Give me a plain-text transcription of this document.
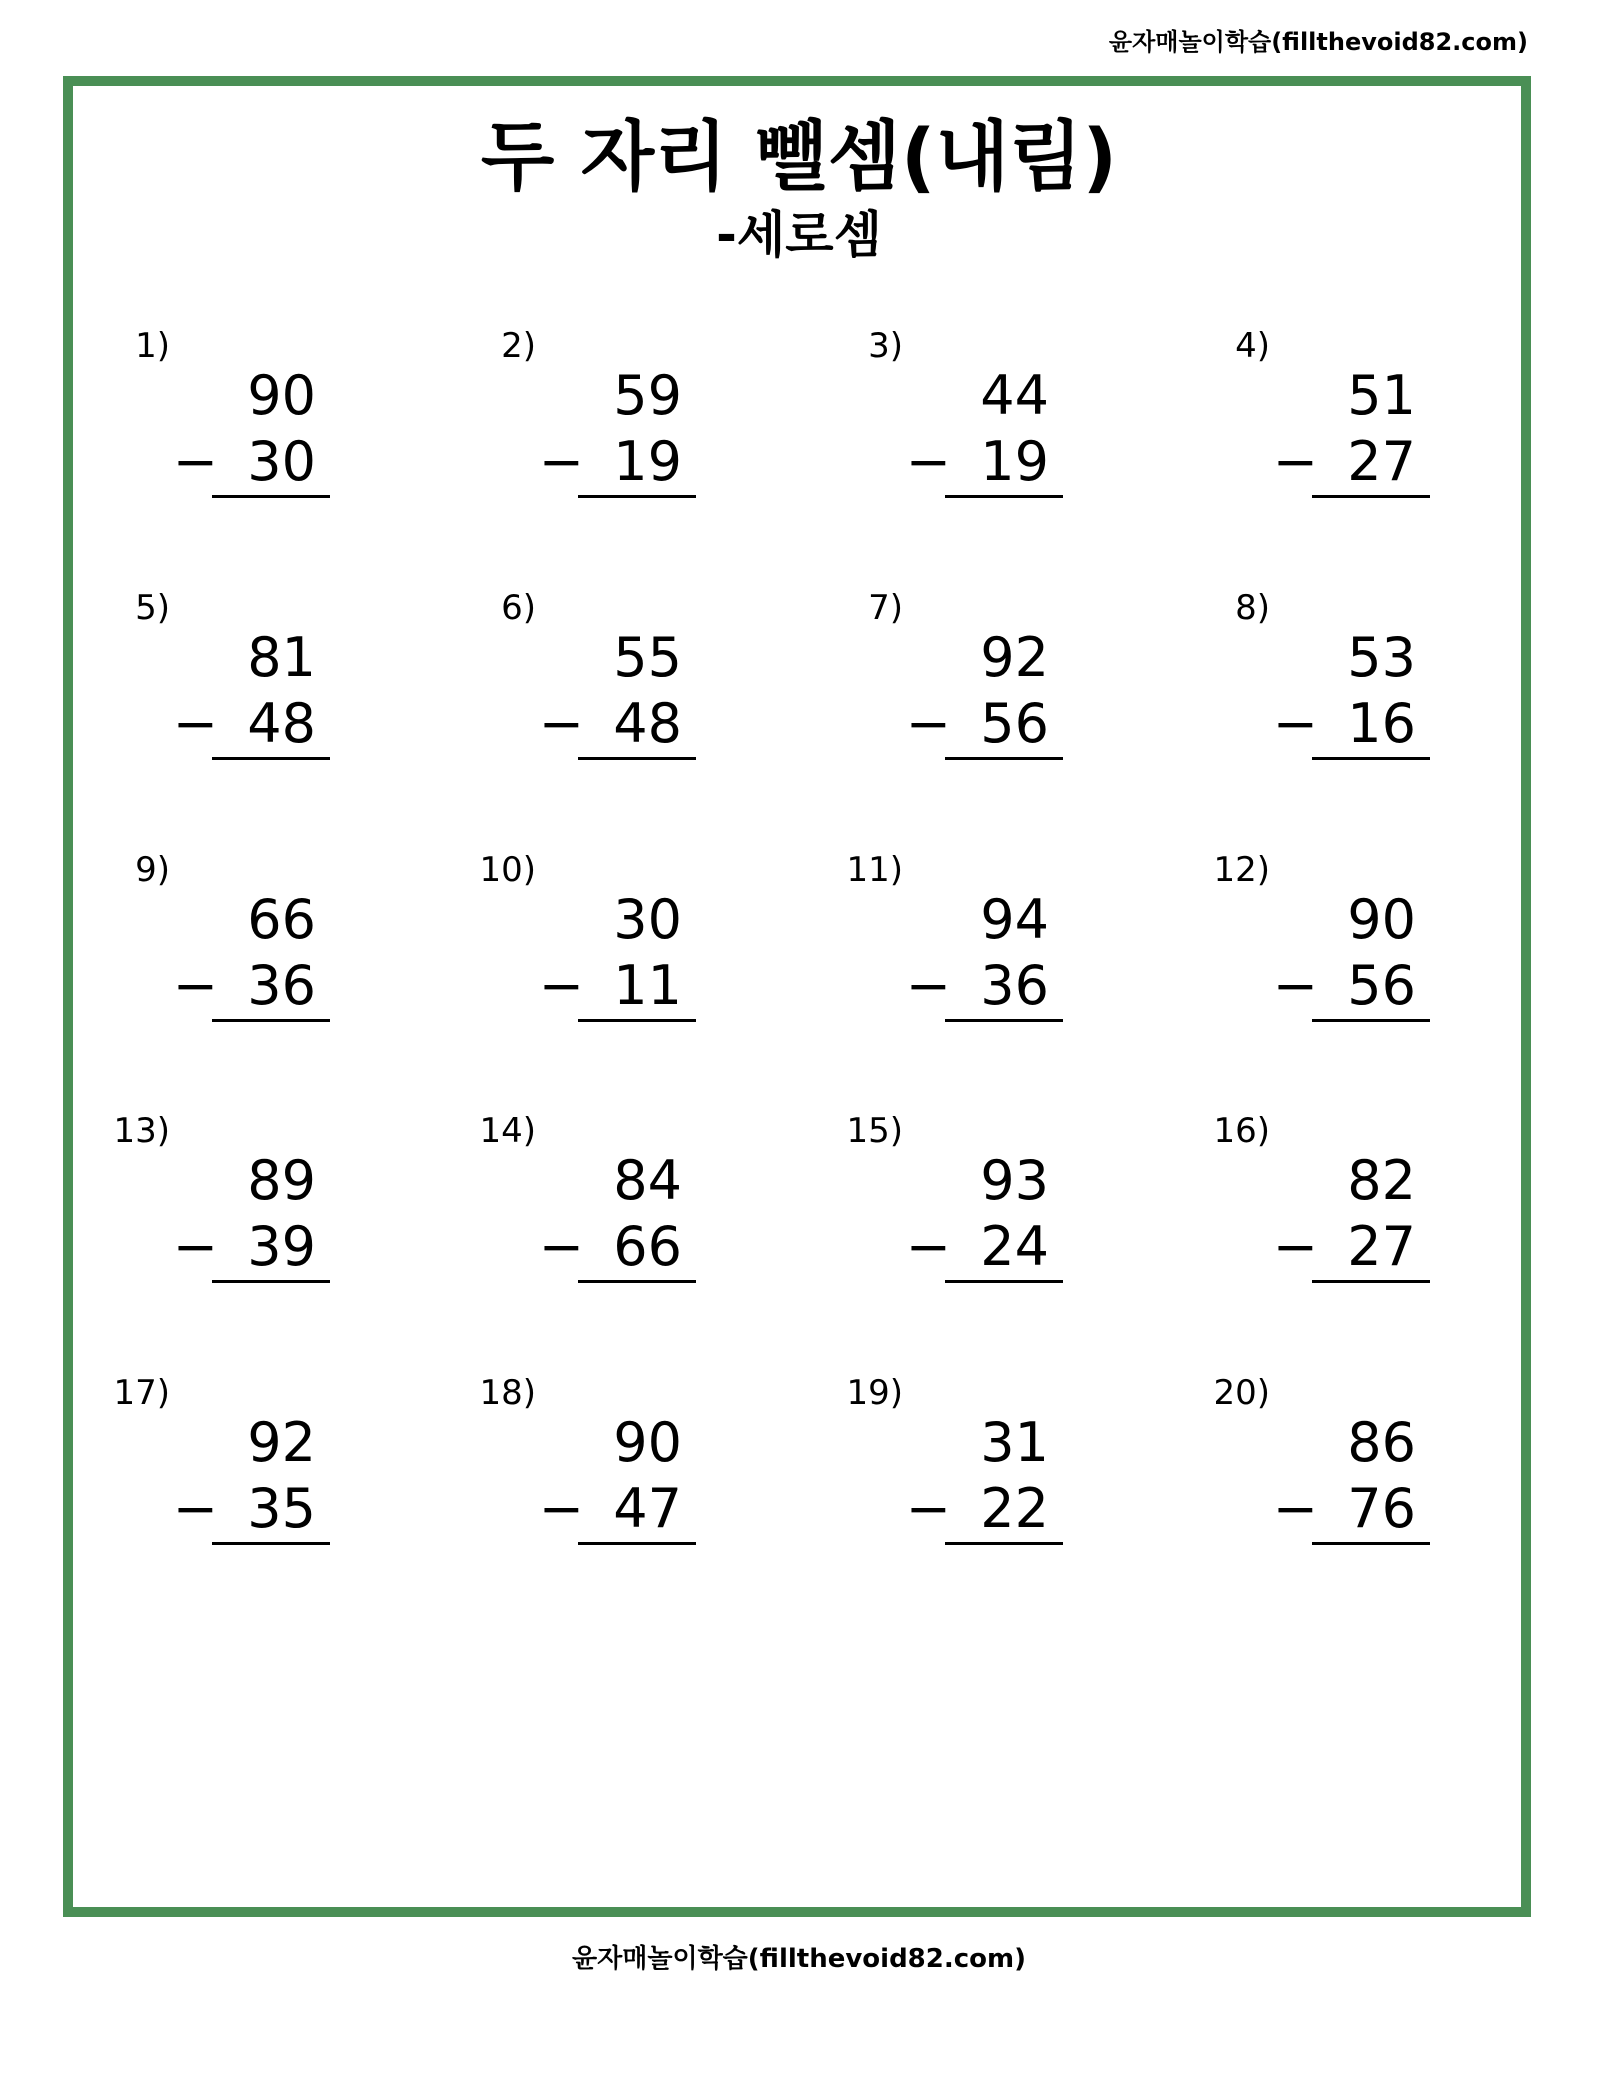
윤자매놀이학습(fillthevoid82.com)
두 자리 뺄셈(내림)
-세로셈
1)
90
− 30
2)
59
− 19
3)
44
− 19
4)
51
− 27
5)
81
− 48
6)
55
− 48
7)
92
− 56
8)
53
− 16
9)
66
− 36
10)
30
− 11
11)
94
− 36
12)
90
− 56
13)
89
− 39
14)
84
− 66
15)
93
− 24
16)
82
− 27
17)
92
− 35
18)
90
− 47
19)
31
− 22
20)
86
− 76
윤자매놀이학습(fillthevoid82.com)
